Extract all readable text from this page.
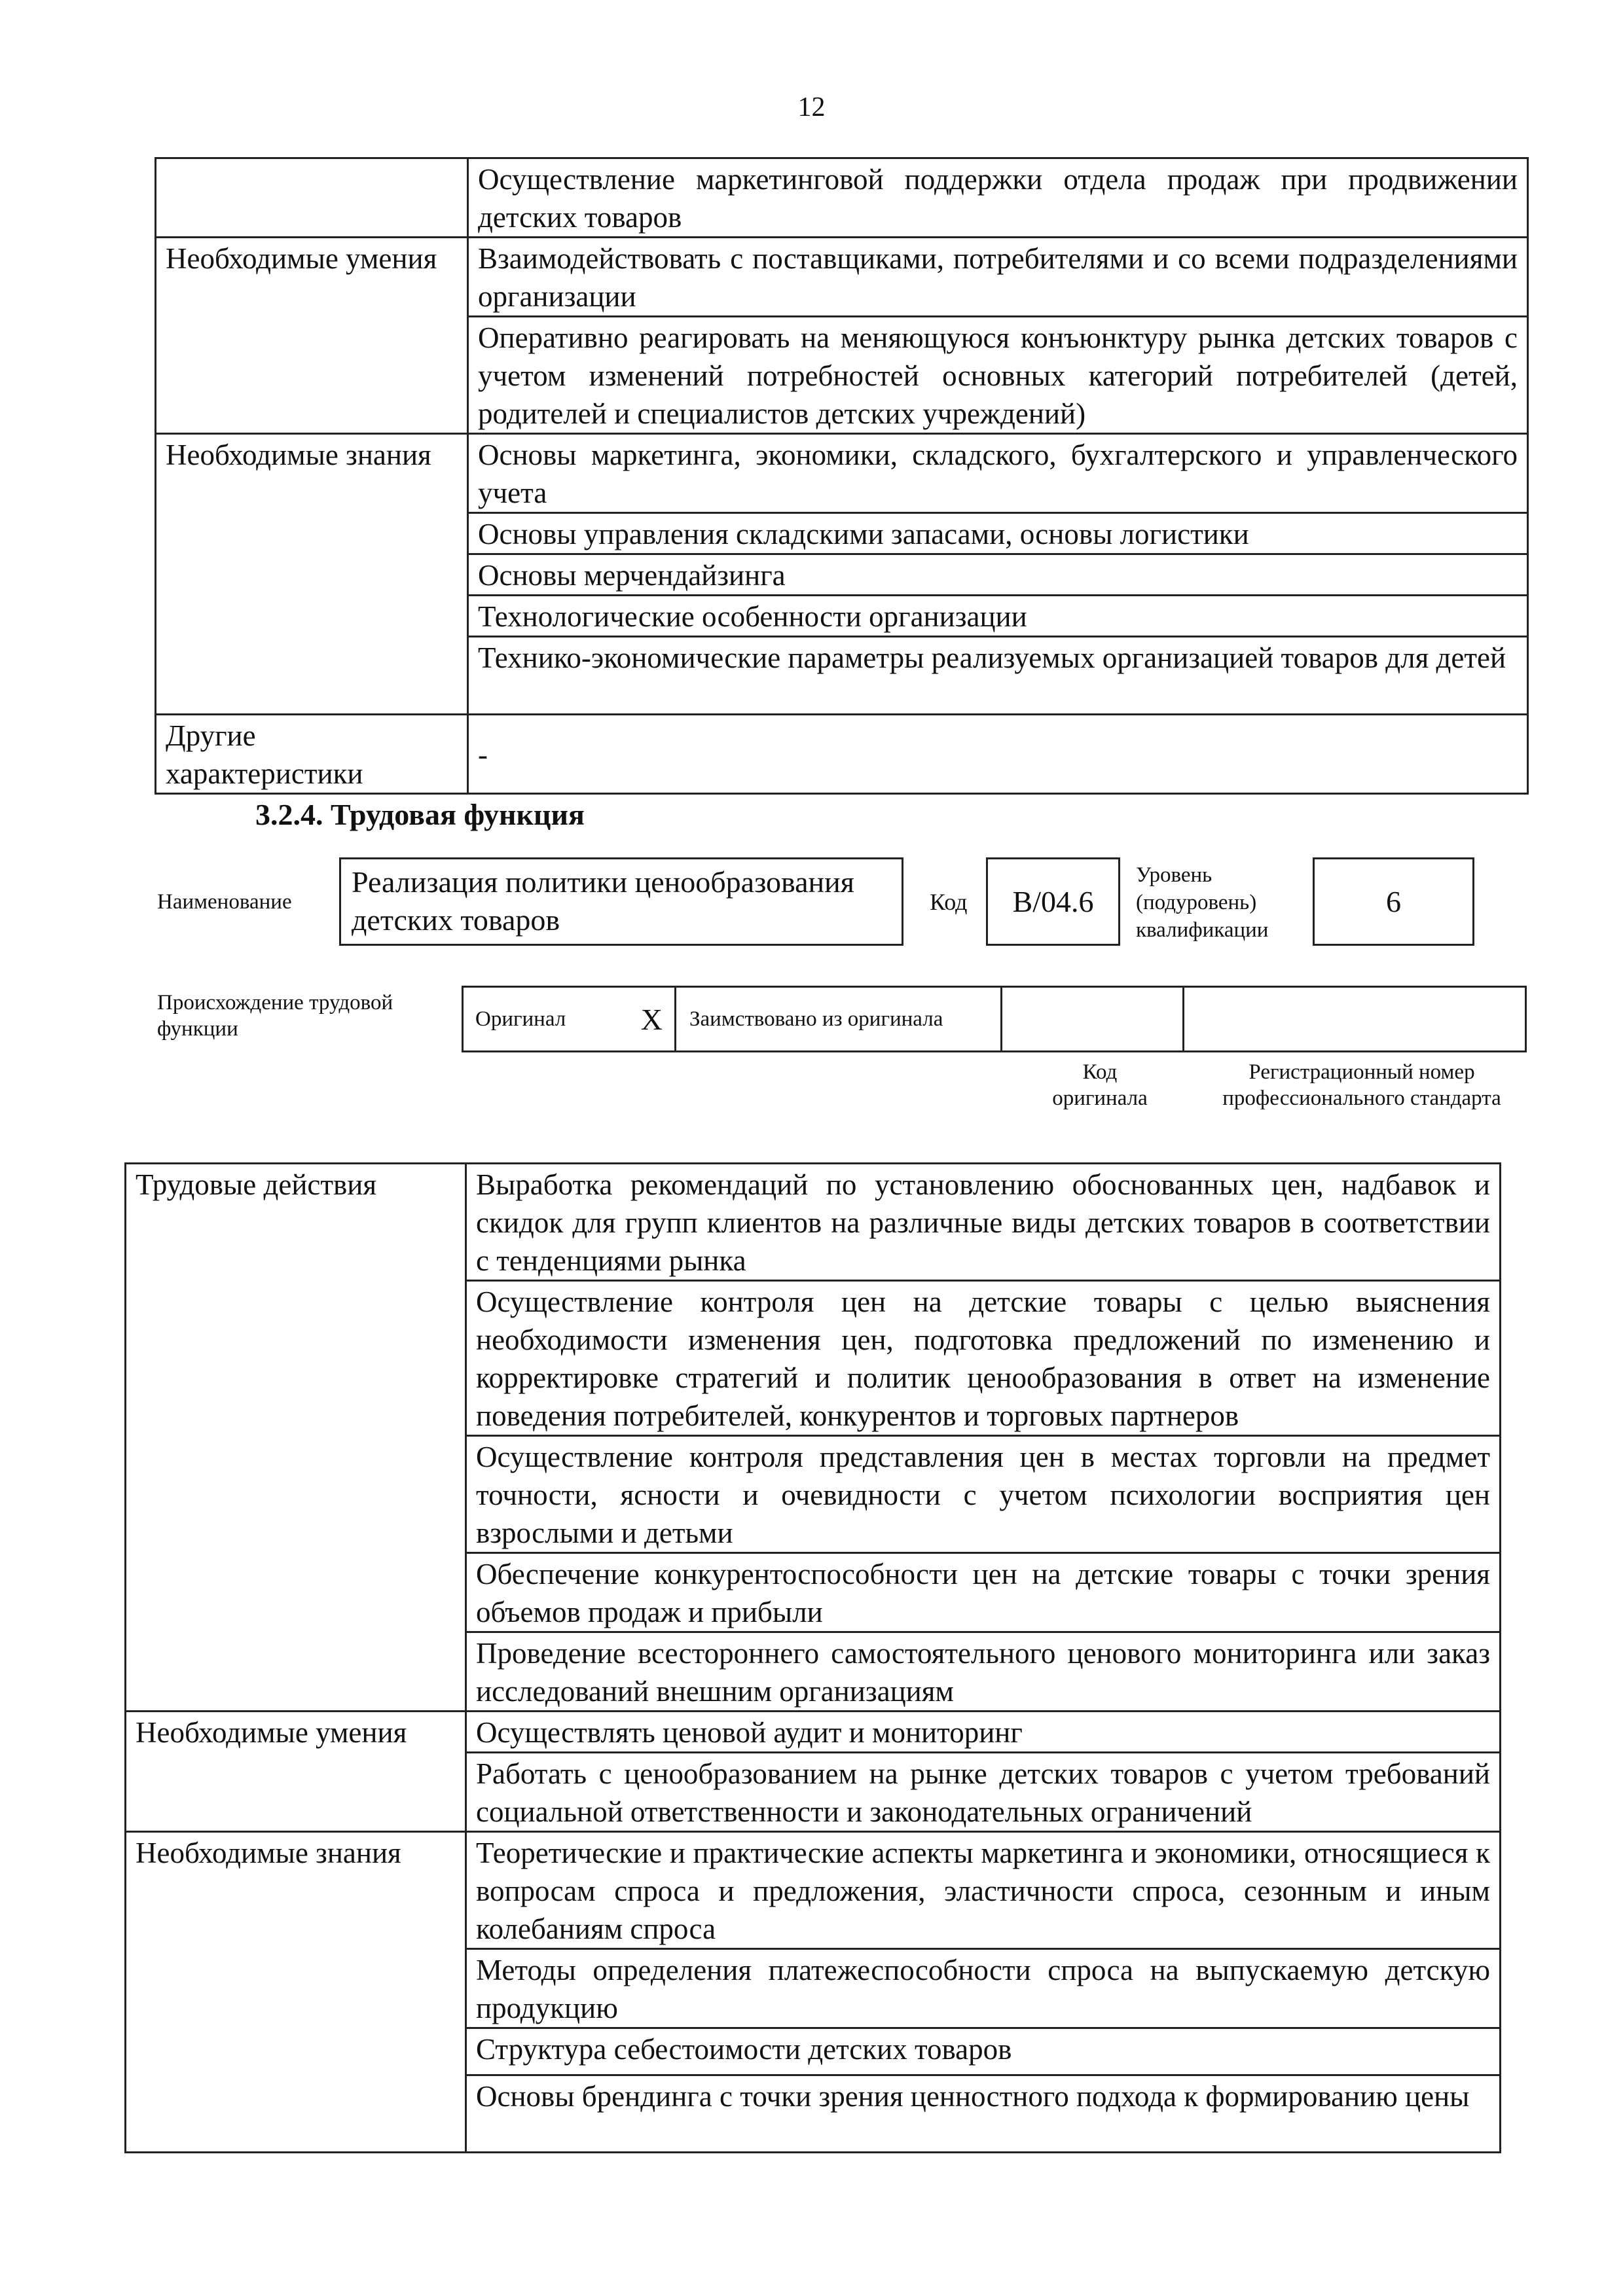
12
	Осуществление маркетинговой поддержки отдела продаж при продвижении детских товаров
Необходимые умения	Взаимодействовать с поставщиками, потребителями и со всеми подразделениями организации
	Оперативно реагировать на меняющуюся конъюнктуру рынка детских товаров с учетом изменений потребностей основных категорий потребителей (детей, родителей и специалистов детских учреждений)
Необходимые знания	Основы маркетинга, экономики, складского, бухгалтерского и управленческого учета
	Основы управления складскими запасами, основы логистики
	Основы мерчендайзинга
	Технологические особенности организации
	Технико-экономические параметры реализуемых организацией товаров для детей
Другие характеристики	-
3.2.4. Трудовая функция
Наименование
Реализация политики ценообразования детских товаров
Код	B/04.6
Уровень (подуровень) квалификации
6
Происхождение трудовой функции	Оригинал X Заимствовано из оригинала
Код оригинала
Регистрационный номер профессионального стандарта
Трудовые действия	Выработка рекомендаций по установлению обоснованных цен, надбавок и скидок для групп клиентов на различные виды детских товаров в соответствии с тенденциями рынка
	Осуществление контроля цен на детские товары с целью выяснения необходимости изменения цен, подготовка предложений по изменению и корректировке стратегий и политик ценообразования в ответ на изменение поведения потребителей, конкурентов и торговых партнеров
	Осуществление контроля представления цен в местах торговли на предмет точности, ясности и очевидности с учетом психологии восприятия цен взрослыми и детьми
	Обеспечение конкурентоспособности цен на детские товары с точки зрения объемов продаж и прибыли
	Проведение всестороннего самостоятельного ценового мониторинга или заказ исследований внешним организациям
Необходимые умения	Осуществлять ценовой аудит и мониторинг
	Работать с ценообразованием на рынке детских товаров с учетом требований социальной ответственности и законодательных ограничений
Необходимые знания	Теоретические и практические аспекты маркетинга и экономики, относящиеся к вопросам спроса и предложения, эластичности спроса, сезонным и иным колебаниям спроса
	Методы определения платежеспособности спроса на выпускаемую детскую продукцию
	Структура себестоимости детских товаров
	Основы брендинга с точки зрения ценностного подхода к формированию цены
